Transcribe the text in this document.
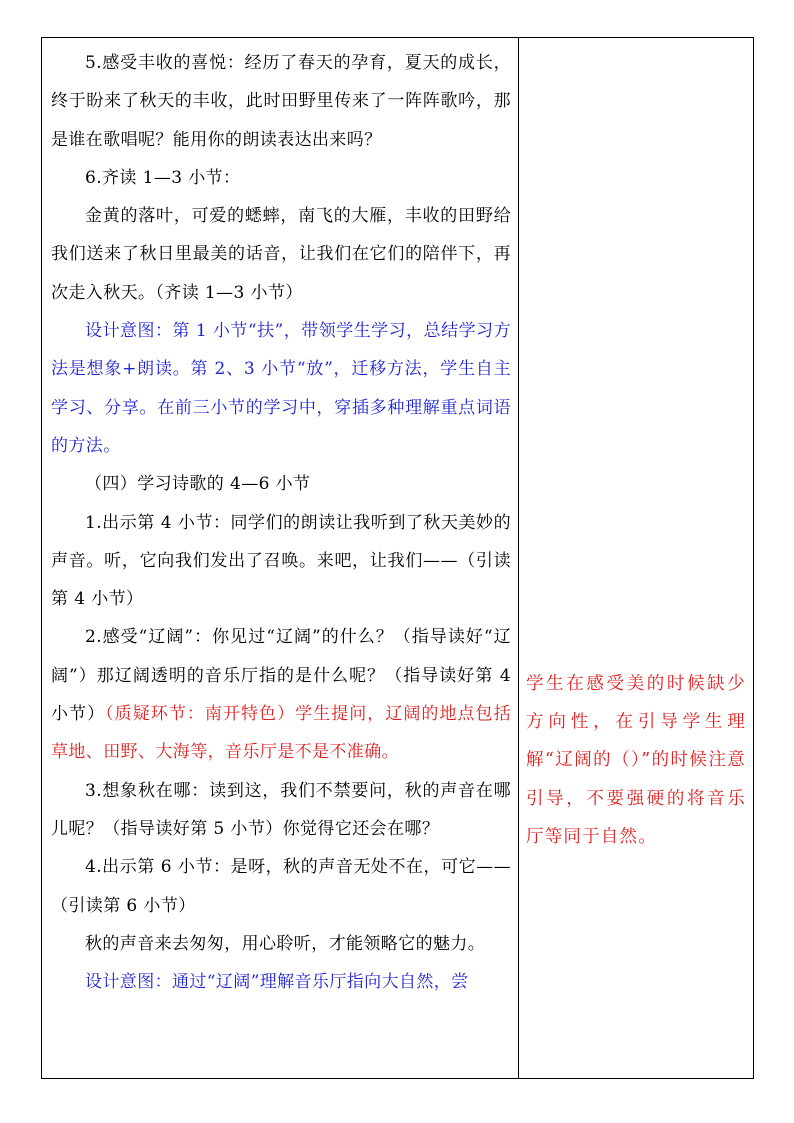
5.感受丰收的喜悦：经历了春天的孕育，夏天的成长，终于盼来了秋天的丰收，此时田野里传来了一阵阵歌吟，那是谁在歌唱呢？能用你的朗读表达出来吗？

6.齐读 1—3 小节：

金黄的落叶，可爱的蟋蟀，南飞的大雁，丰收的田野给我们送来了秋日里最美的话音，让我们在它们的陪伴下，再次走入秋天。（齐读 1—3 小节）

设计意图：第 1 小节“扶”，带领学生学习，总结学习方法是想象+朗读。第 2、3 小节“放”，迁移方法，学生自主学习、分享。在前三小节的学习中，穿插多种理解重点词语的方法。

（四）学习诗歌的 4—6 小节

1.出示第 4 小节：同学们的朗读让我听到了秋天美妙的声音。听，它向我们发出了召唤。来吧，让我们——（引读第 4 小节）

2.感受“辽阔”：你见过“辽阔”的什么？（指导读好“辽阔”）那辽阔透明的音乐厅指的是什么呢？（指导读好第 4 小节）（质疑环节：南开特色）学生提问，辽阔的地点包括草地、田野、大海等，音乐厅是不是不准确。

3.想象秋在哪：读到这，我们不禁要问，秋的声音在哪儿呢？（指导读好第 5 小节）你觉得它还会在哪？

4.出示第 6 小节：是呀，秋的声音无处不在，可它——（引读第 6 小节）

秋的声音来去匆匆，用心聆听，才能领略它的魅力。

设计意图：通过“辽阔”理解音乐厅指向大自然，尝

学生在感受美的时候缺少方向性，在引导学生理解“辽阔的（）”的时候注意引导，不要强硬的将音乐厅等同于自然。
